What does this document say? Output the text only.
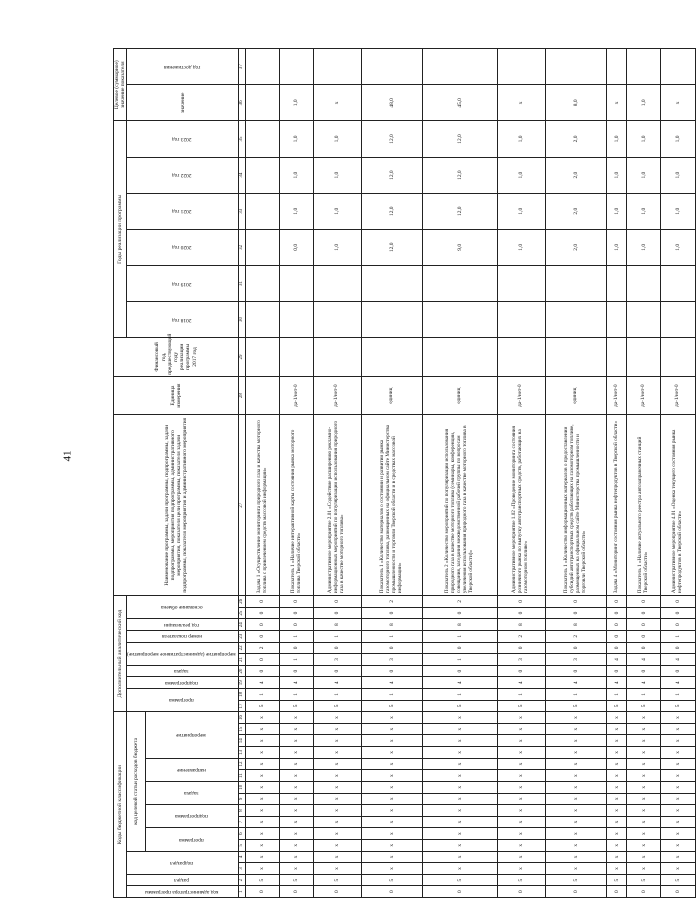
41
Коды бюджетной классификации																Дополнительный аналитический код										Наименование программы, задачи программы, подпрограммы, задачи подпрограммы, мероприятия подпрограммы, административного мероприятия, показателя цели программы, показателя задачи подпрограммы, показателя мероприятия и административного мероприятия	Единица измерения	Финансовый год, предшествующий году реализации программы 2017 год	Годы реализации программы						Целевое (суммарное) значение показателя	
код администратора программы	раздел	подраздел		код целевой статьи расходов бюджета												программа		подпрограмма	задача	мероприятие (административное мероприятие)		номер показателя	год реализации	основание обмена					2018 год	2019 год	2020 год	2021 год	2022 год	2023 год	значение	год достижения
				программа		подпрограмма		задача		направление		мероприятие																								
1	2	3	4	5	6	7	8	9	10	11	12	13	14	15	16	17	18	19	20	21	22	23	24	25	26	27	28	29	30	31	32	33	34	35	36	37
0	5	x	x	x	x	x	x	x	x	x	x	x	x	x	x	5	1	4	0	0	2	0	0	0	0	Задача 1 «Осуществление мониторинга природного газа и качества моторного топлива с привлечением средств массовой информации»										
0	5	x	x	x	x	x	x	x	x	x	x	x	x	x	x	5	1	4	0	1	0	1	0	0	0	Показатель 1 «Наличие интерактивной карты состояния рынка моторного топлива Тверской области»	да-1/нет-0				0,0	1,0	1,0	1,0	1,0	
0	5	x	x	x	x	x	x	x	x	x	x	x	x	x	x	5	1	4	0	3	0	1	8	0	0	Административное мероприятие 2.01 «Содействие расширению рекламно-информационных мероприятий по популяризации использования природного газа в качестве моторного топлива»	да-1/нет-0				1,0	1,0	1,0	1,0	x	
0	5	x	x	x	x	x	x	x	x	x	x	x	x	x	x	5	1	4	0	3	0	1	8	0	2	Показатель 1 «Количество материалов о состоянии и развитии рынка газомоторного топлива, размещенных на официальном сайте Министерства промышленности и торговли Тверской области и в средствах массовой информации»	единиц				12,0	12,0	12,0	12,0	48,0	
0	5	x	x	x	x	x	x	x	x	x	x	x	x	x	x	5	1	4	0	1	0	1	8	0	2	Показатель 2 «Количество мероприятий по популяризации использования природного газа в качестве моторного топлива (семинары, конференции, совещания, заседания межведомственной рабочей группы по вопросам увеличения использования природного газа в качестве моторного топлива в Тверской области)»	единиц				9,0	12,0	12,0	12,0	45,0	
0	5	x	x	x	x	x	x	x	x	x	x	x	x	x	x	5	1	4	0	3	0	2	8	0	0	Административное мероприятие 1.02 «Проведение мониторинга состояния розничного рынка по выпуску автотранспортных средств, работающих на газомоторном топливе»	да-1/нет-0				1,0	1,0	1,0	1,0	x	
0	5	x	x	x	x	x	x	x	x	x	x	x	x	x	x	5	1	4	0	3	0	2	8	0	0	Показатель 1 «Количество информационных материалов о предоставлении субсидий автотранспортных средств работающих на газомоторном топливе, размещенных на официальном сайте Министерства промышленности и торговли Тверской области»	единиц				2,0	2,0	2,0	2,0	8,0	
0	5	x	x	x	x	x	x	x	x	x	x	x	x	x	x	5	1	4	0	4	0	0	0	0	0	Задача 4 «Мониторинг состояния рынка нефтепродуктов в Тверской области»	да-1/нет-0				1,0	1,0	1,0	1,0	x	
0	5	x	x	x	x	x	x	x	x	x	x	x	x	x	x	5	1	4	0	4	0	0	0	0	0	Показатель 1 «Наличие актуального реестра автозаправочных станций Тверской области»	да-1/нет-0				1,0	1,0	1,0	1,0	1,0	
0	5	x	x	x	x	x	x	x	x	x	x	x	x	x	x	5	1	4	0	4	0	1	0	0	0	Административное мероприятие 4.01 «Оценка текущего состояния рынка нефтепродуктов в Тверской области»	да-1/нет-0				1,0	1,0	1,0	1,0	x	
